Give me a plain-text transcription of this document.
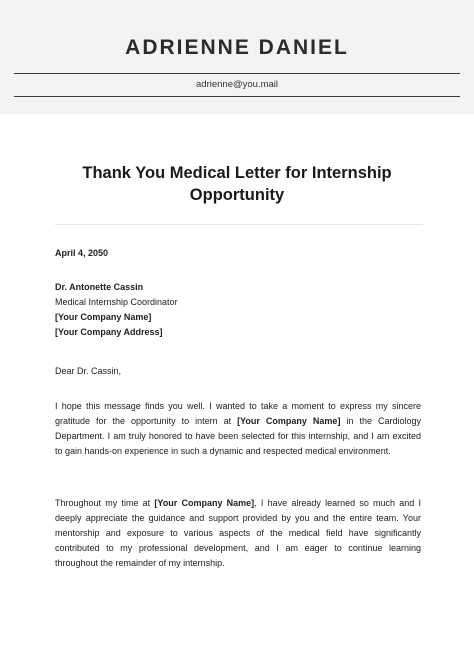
ADRIENNE DANIEL
adrienne@you.mail
Thank You Medical Letter for Internship Opportunity
April 4, 2050
Dr. Antonette Cassin
Medical Internship Coordinator
[Your Company Name]
[Your Company Address]
Dear Dr. Cassin,
I hope this message finds you well. I wanted to take a moment to express my sincere gratitude for the opportunity to intern at [Your Company Name] in the Cardiology Department. I am truly honored to have been selected for this internship, and I am excited to gain hands-on experience in such a dynamic and respected medical environment.
Throughout my time at [Your Company Name], I have already learned so much and I deeply appreciate the guidance and support provided by you and the entire team. Your mentorship and exposure to various aspects of the medical field have significantly contributed to my professional development, and I am eager to continue learning throughout the remainder of my internship.
